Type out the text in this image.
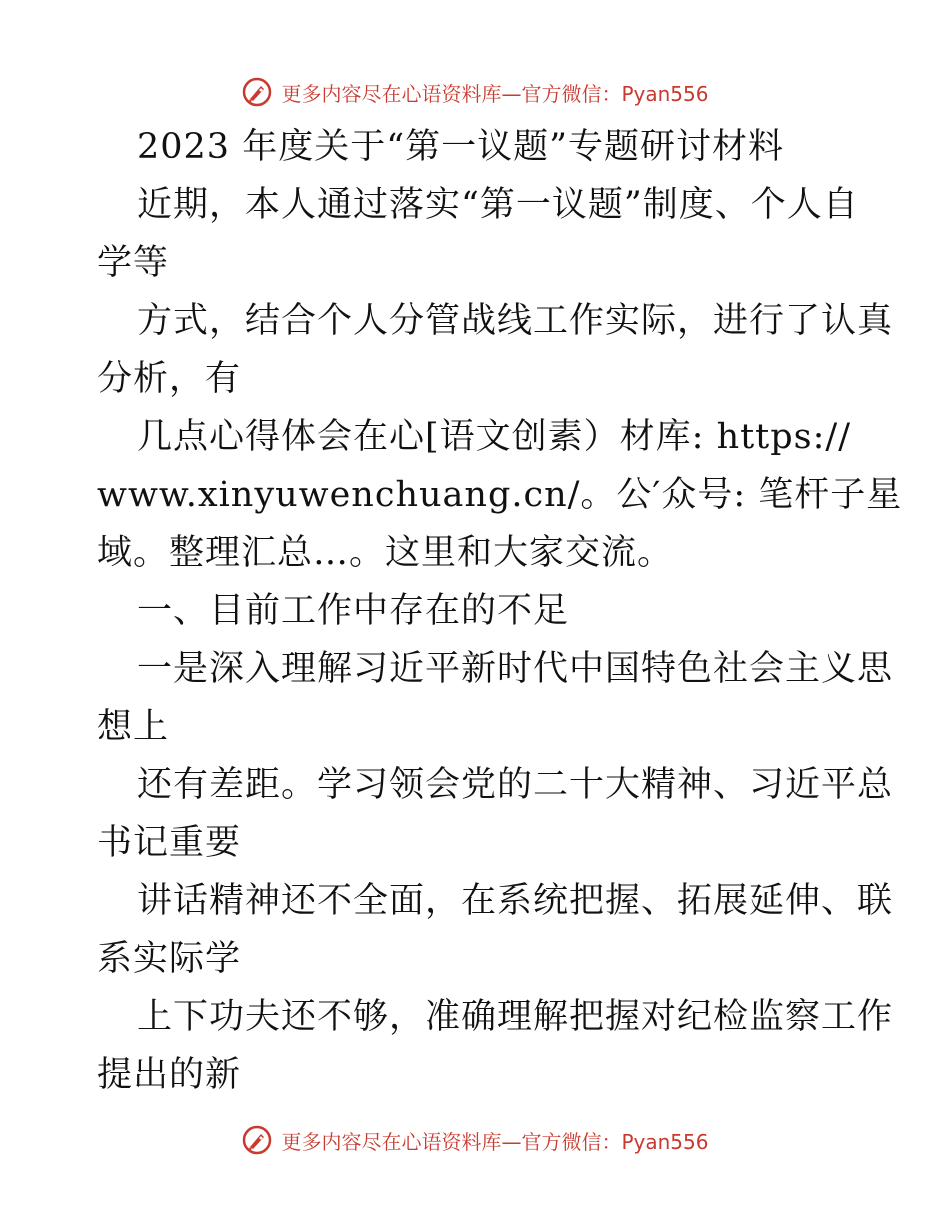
更多内容尽在心语资料库—官方微信：Pyan556
2023 年度关于“第一议题”专题研讨材料
近期，本人通过落实“第一议题”制度、个人自
学等
方式，结合个人分管战线工作实际，进行了认真
分析，有
几点心得体会在心[语文创素）材库: https://
www.xinyuwenchuang.cn/。公′众号: 笔杆子星
域。整理汇总…。这里和大家交流。
一、目前工作中存在的不足
一是深入理解习近平新时代中国特色社会主义思
想上
还有差距。学习领会党的二十大精神、习近平总
书记重要
讲话精神还不全面，在系统把握、拓展延伸、联
系实际学
上下功夫还不够，准确理解把握对纪检监察工作
提出的新
更多内容尽在心语资料库—官方微信：Pyan556
